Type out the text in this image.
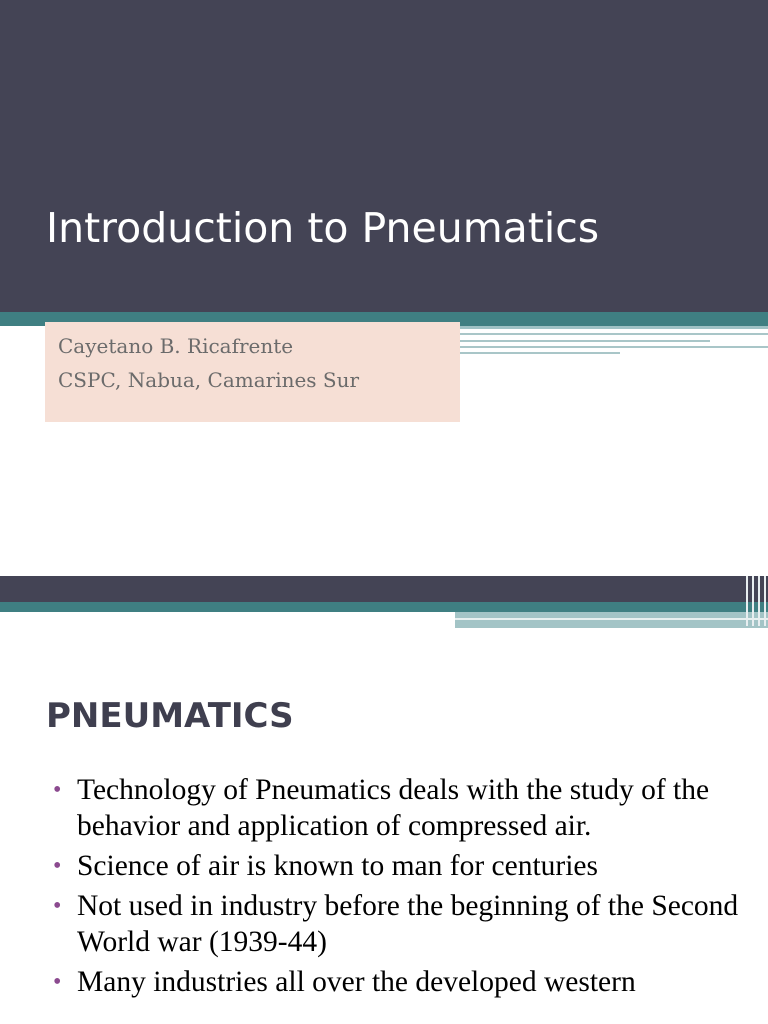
Introduction to Pneumatics
Cayetano B. Ricafrente
CSPC, Nabua, Camarines Sur
PNEUMATICS
• Technology of Pneumatics deals with the study of the behavior and application of compressed air.
• Science of air is known to man for centuries
• Not used in industry before the beginning of the Second World war (1939-44)
• Many industries all over the developed western
